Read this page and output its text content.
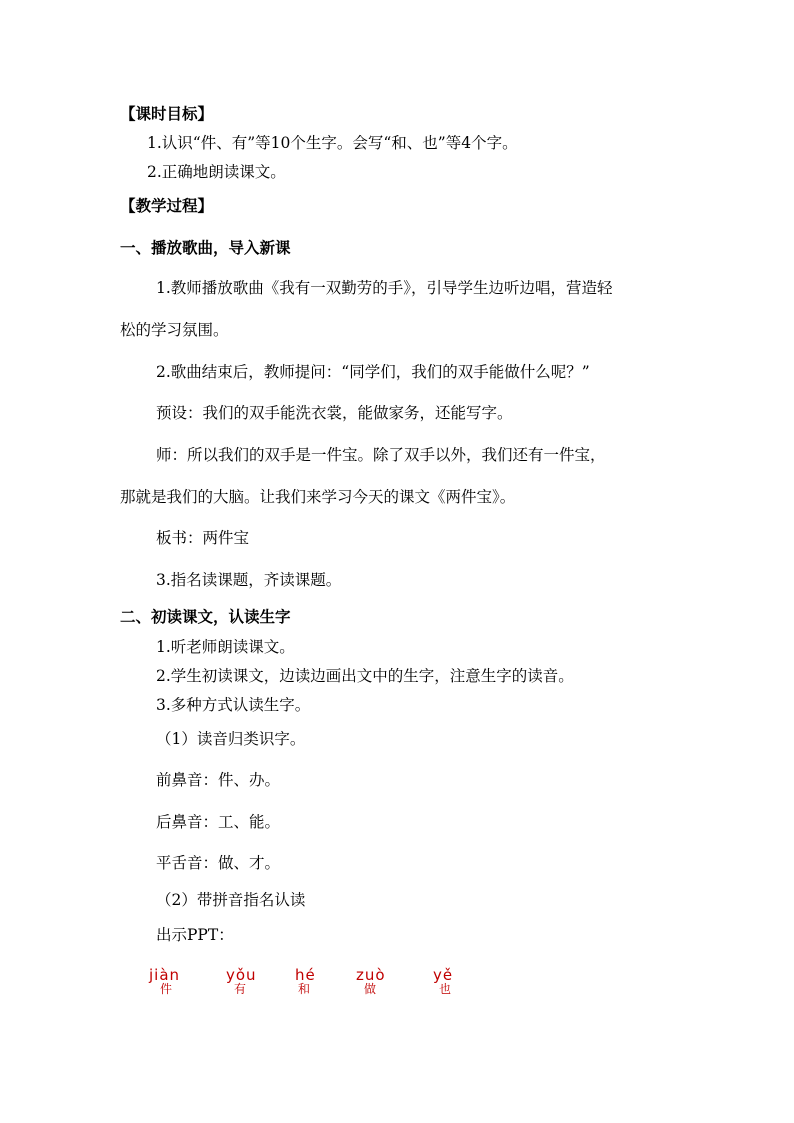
【课时目标】
1.认识“件、有”等10个生字。会写“和、也”等4个字。
2.正确地朗读课文。
【教学过程】
一、播放歌曲，导入新课
1.教师播放歌曲《我有一双勤劳的手》，引导学生边听边唱，营造轻
松的学习氛围。
2.歌曲结束后，教师提问：“同学们，我们的双手能做什么呢？”
预设：我们的双手能洗衣裳，能做家务，还能写字。
师：所以我们的双手是一件宝。除了双手以外，我们还有一件宝，
那就是我们的大脑。让我们来学习今天的课文《两件宝》。
板书：两件宝
3.指名读课题，齐读课题。
二、初读课文，认读生字
1.听老师朗读课文。
2.学生初读课文，边读边画出文中的生字，注意生字的读音。
3.多种方式认读生字。
（1）读音归类识字。
前鼻音：件、办。
后鼻音：工、能。
平舌音：做、才。
（2）带拼音指名认读
出示PPT：
jiàn
件
yǒu
有
hé
和
zuò
做
yě
也
